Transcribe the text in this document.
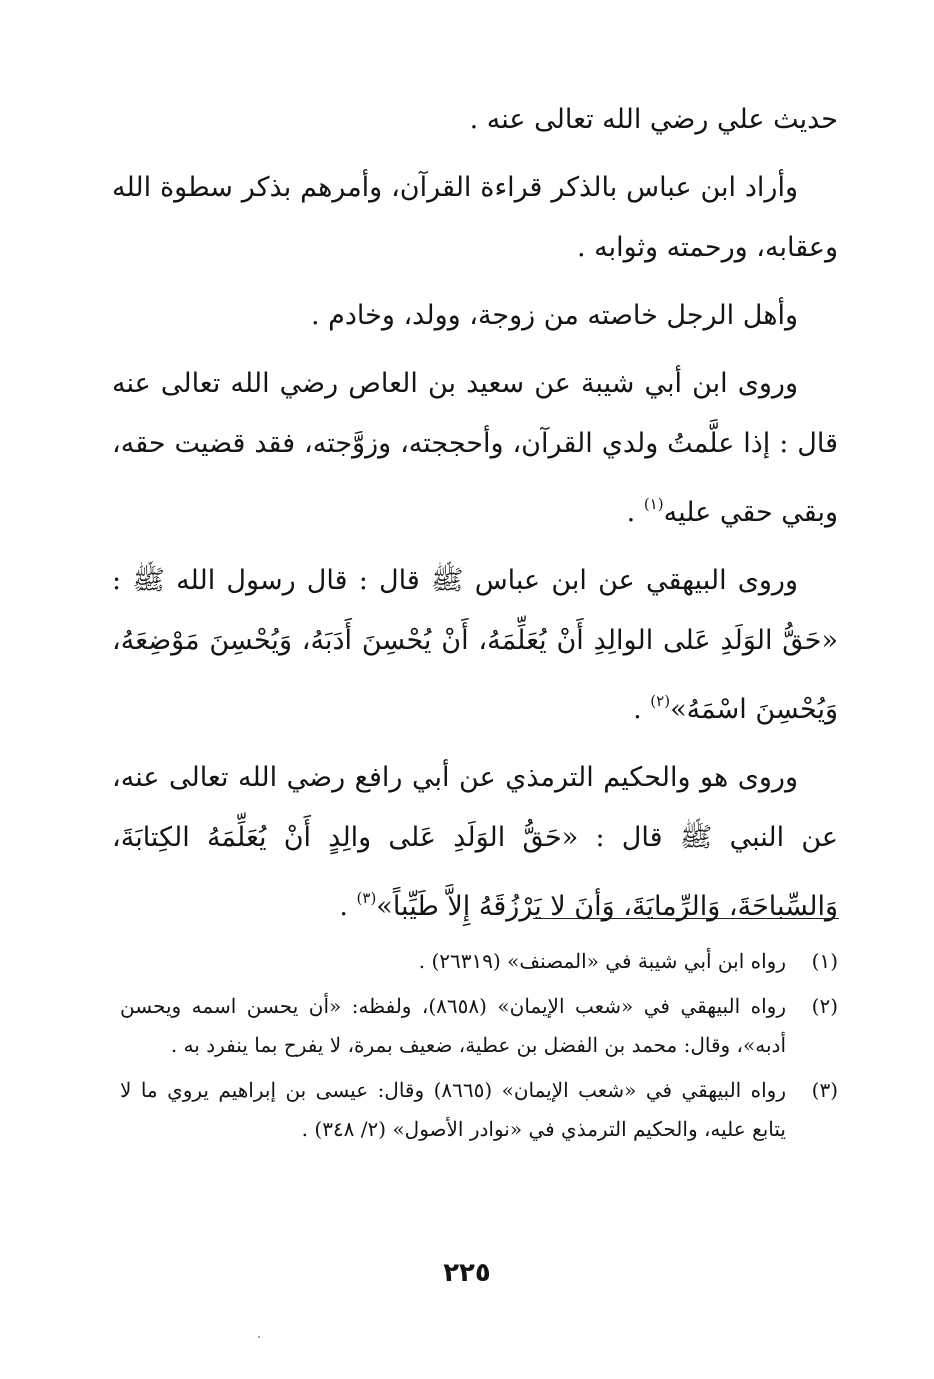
حديث علي رضي الله تعالى عنه .

وأراد ابن عباس بالذكر قراءة القرآن، وأمرهم بذكر سطوة الله وعقابه، ورحمته وثوابه .

وأهل الرجل خاصته من زوجة، وولد، وخادم .

وروى ابن أبي شيبة عن سعيد بن العاص رضي الله تعالى عنه قال : إذا علَّمتُ ولدي القرآن، وأحججته، وزوَّجته، فقد قضيت حقه، وبقي حقي عليه$^{(١)}$ .

وروى البيهقي عن ابن عباس ﷺ قال : قال رسول الله ﷺ : «حَقُّ الوَلَدِ عَلى الوالِدِ أَنْ يُعَلِّمَهُ، أَنْ يُحْسِنَ أَدَبَهُ، وَيُحْسِنَ مَوْضِعَهُ، وَيُحْسِنَ اسْمَهُ»$^{(٢)}$ .

وروى هو والحكيم الترمذي عن أبي رافع رضي الله تعالى عنه، عن النبي ﷺ قال : «حَقُّ الوَلَدِ عَلى والِدٍ أَنْ يُعَلِّمَهُ الكِتابَةَ، وَالسِّباحَةَ، وَالرِّمايَةَ، وَأنَ لا يَرْزُقَهُ إِلاَّ طَيِّباً»$^{(٣)}$ .

(١)
رواه ابن أبي شيبة في «المصنف» (٢٦٣١٩) .
(٢)
رواه البيهقي في «شعب الإيمان» (٨٦٥٨)، ولفظه: «أن يحسن اسمه ويحسن أدبه»، وقال: محمد بن الفضل بن عطية، ضعيف بمرة، لا يفرح بما ينفرد به .
(٣)
رواه البيهقي في «شعب الإيمان» (٨٦٦٥) وقال: عيسى بن إبراهيم يروي ما لا يتابع عليه، والحكيم الترمذي في «نوادر الأصول» (٢/ ٣٤٨) .
٢٢٥
